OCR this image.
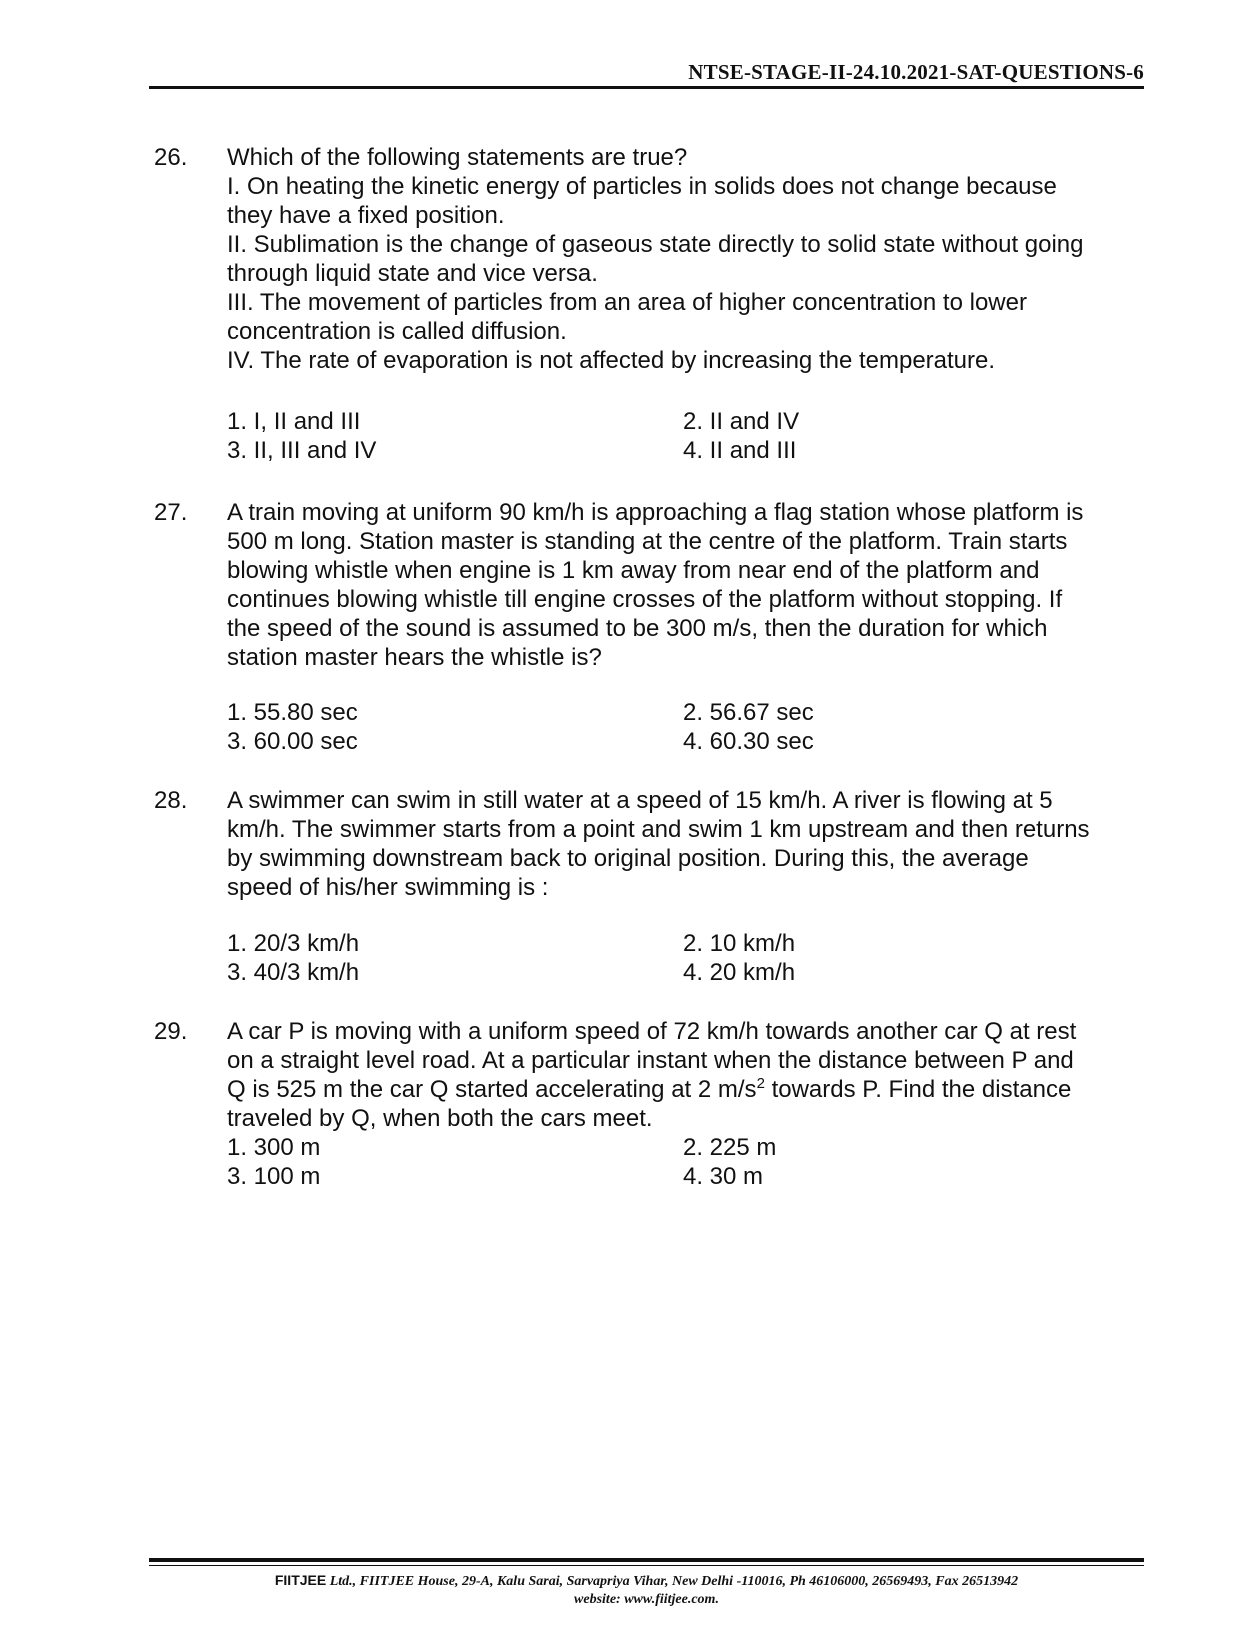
NTSE-STAGE-II-24.10.2021-SAT-QUESTIONS-6
26. Which of the following statements are true?
I. On heating the kinetic energy of particles in solids does not change because
they have a fixed position.
II. Sublimation is the change of gaseous state directly to solid state without going
through liquid state and vice versa.
III. The movement of particles from an area of higher concentration to lower
concentration is called diffusion.
IV. The rate of evaporation is not affected by increasing the temperature.
1. I, II and III	2. II and IV
3. II, III and IV	4. II and III
27. A train moving at uniform 90 km/h is approaching a flag station whose platform is
500 m long. Station master is standing at the centre of the platform. Train starts
blowing whistle when engine is 1 km away from near end of the platform and
continues blowing whistle till engine crosses of the platform without stopping. If
the speed of the sound is assumed to be 300 m/s, then the duration for which
station master hears the whistle is?
1. 55.80 sec	2. 56.67 sec
3. 60.00 sec	4. 60.30 sec
28. A swimmer can swim in still water at a speed of 15 km/h. A river is flowing at 5
km/h. The swimmer starts from a point and swim 1 km upstream and then returns
by swimming downstream back to original position. During this, the average
speed of his/her swimming is :
1. 20/3 km/h	2. 10 km/h
3. 40/3 km/h	4. 20 km/h
29. A car P is moving with a uniform speed of 72 km/h towards another car Q at rest
on a straight level road. At a particular instant when the distance between P and
Q is 525 m the car Q started accelerating at 2 $m/s^2$ towards P. Find the distance
traveled by Q, when both the cars meet.
1. 300 m	2. 225 m
3. 100 m	4. 30 m
FIITJEE Ltd., FIITJEE House, 29-A, Kalu Sarai, Sarvapriya Vihar, New Delhi -110016, Ph 46106000, 26569493, Fax 26513942
website: www.fiitjee.com.
